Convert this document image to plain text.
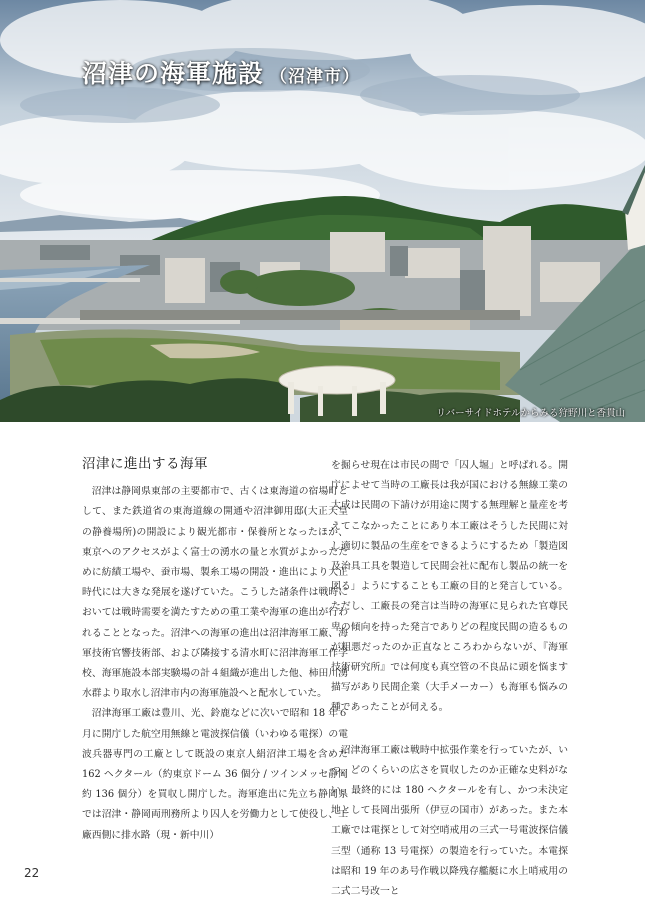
沼津の海軍施設 （沼津市）
リバーサイドホテルからみる狩野川と香貫山
沼津に進出する海軍

沼津は静岡県東部の主要都市で、古くは東海道の宿場町として、また鉄道省の東海道線の開通や沼津御用邸(大正天皇の静養場所)の開設により観光都市・保養所となったほか、東京へのアクセスがよく富士の湧水の量と水質がよかったために紡績工場や、蚕市場、製糸工場の開設・進出により大正時代には大きな発展を遂げていた。こうした諸条件は戦時においては戦時需要を満たすための重工業や海軍の進出が行われることとなった。沼津への海軍の進出は沼津海軍工廠、海軍技術官響技術部、および隣接する清水町に沼津海軍工作学校、海軍施設本部実験場の計４組織が進出した他、柿田川湧水群より取水し沼津市内の海軍施設へと配水していた。

沼津海軍工廠は豊川、光、鈴鹿などに次いで昭和 18 年６月に開庁した航空用無線と電波探信儀（いわゆる電探）の電波兵器専門の工廠として既設の東京人絹沼津工場を含めた 162 ヘクタール（約東京ドーム 36 個分 / ツインメッセ静岡約 136 個分）を買収し開庁した。海軍進出に先立ち静岡県では沼津・静岡両刑務所より囚人を労働力として使役し、工廠西側に排水路（現・新中川）

を掘らせ現在は市民の間で「囚人堀」と呼ばれる。開庁によせて当時の工廠長は我が国における無線工業の大成は民間の下請けが用途に関する無理解と量産を考えてこなかったことにあり本工廠はそうした民間に対し適切に製品の生産をできるようにするため「製造図及治具工具を製造して民間会社に配布し製品の統一を図る」ようにすることも工廠の目的と発言している。ただし、工廠長の発言は当時の海軍に見られた官尊民卑の傾向を持った発言でありどの程度民間の造るものが粗悪だったのか正直なところわからないが、『海軍技術研究所』では何度も真空管の不良品に頭を悩ます描写があり民間企業（大手メーカー）も海軍も悩みの種であったことが伺える。

沼津海軍工廠は戦時中拡張作業を行っていたが、いつ、どのくらいの広さを買収したのか正確な史料がない。最終的には 180 ヘクタールを有し、かつ未決定地として長岡出張所（伊豆の国市）があった。また本工廠では電探として対空哨戒用の三式一号電波探信儀三型（通称 13 号電探）の製造を行っていた。本電探は昭和 19 年のあ号作戦以降残存艦艇に水上哨戒用の二式二号改一と

22
